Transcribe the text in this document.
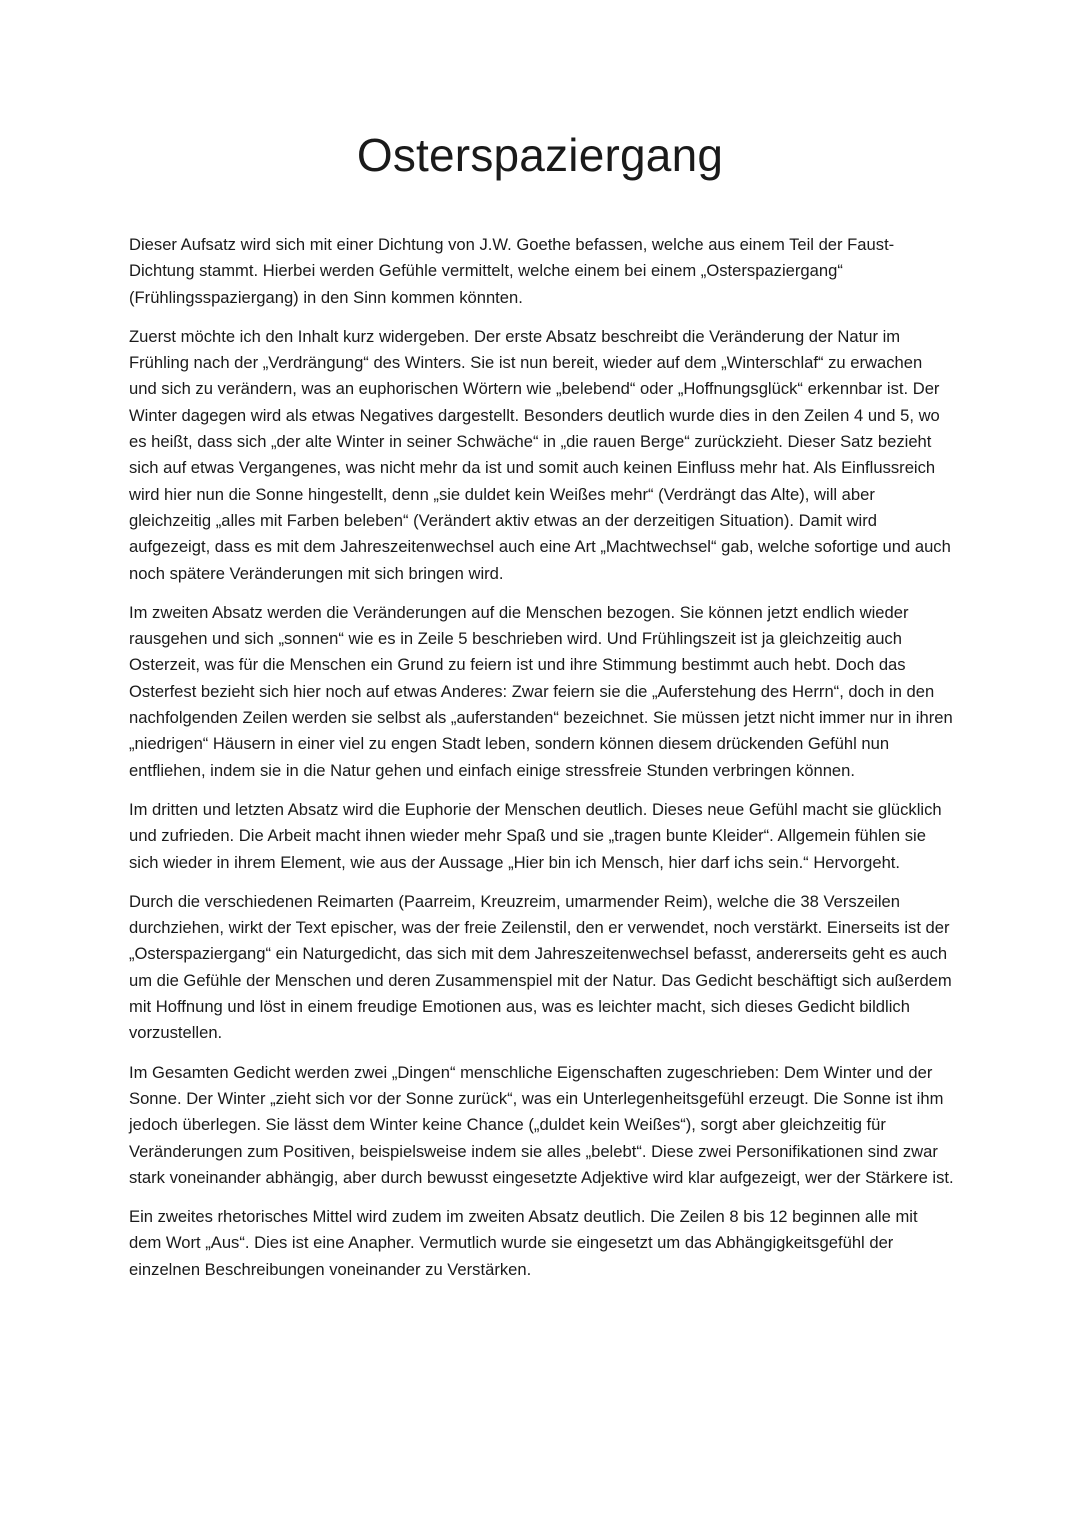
Osterspaziergang

Dieser Aufsatz wird sich mit einer Dichtung von J.W. Goethe befassen, welche aus einem Teil der Faust-Dichtung stammt. Hierbei werden Gefühle vermittelt, welche einem bei einem „Osterspaziergang“ (Frühlingsspaziergang) in den Sinn kommen könnten.

Zuerst möchte ich den Inhalt kurz widergeben. Der erste Absatz beschreibt die Veränderung der Natur im Frühling nach der „Verdrängung“ des Winters. Sie ist nun bereit, wieder auf dem „Winterschlaf“ zu erwachen und sich zu verändern, was an euphorischen Wörtern wie „belebend“ oder „Hoffnungsglück“ erkennbar ist. Der Winter dagegen wird als etwas Negatives dargestellt. Besonders deutlich wurde dies in den Zeilen 4 und 5, wo es heißt, dass sich „der alte Winter in seiner Schwäche“ in „die rauen Berge“ zurückzieht. Dieser Satz bezieht sich auf etwas Vergangenes, was nicht mehr da ist und somit auch keinen Einfluss mehr hat. Als Einflussreich wird hier nun die Sonne hingestellt, denn „sie duldet kein Weißes mehr“ (Verdrängt das Alte), will aber gleichzeitig „alles mit Farben beleben“ (Verändert aktiv etwas an der derzeitigen Situation). Damit wird aufgezeigt, dass es mit dem Jahreszeitenwechsel auch eine Art „Machtwechsel“ gab, welche sofortige und auch noch spätere Veränderungen mit sich bringen wird.

Im zweiten Absatz werden die Veränderungen auf die Menschen bezogen. Sie können jetzt endlich wieder rausgehen und sich „sonnen“ wie es in Zeile 5 beschrieben wird. Und Frühlingszeit ist ja gleichzeitig auch Osterzeit, was für die Menschen ein Grund zu feiern ist und ihre Stimmung bestimmt auch hebt. Doch das Osterfest bezieht sich hier noch auf etwas Anderes: Zwar feiern sie die „Auferstehung des Herrn“, doch in den nachfolgenden Zeilen werden sie selbst als „auferstanden“ bezeichnet. Sie müssen jetzt nicht immer nur in ihren „niedrigen“ Häusern in einer viel zu engen Stadt leben, sondern können diesem drückenden Gefühl nun entfliehen, indem sie in die Natur gehen und einfach einige stressfreie Stunden verbringen können.

Im dritten und letzten Absatz wird die Euphorie der Menschen deutlich. Dieses neue Gefühl macht sie glücklich und zufrieden. Die Arbeit macht ihnen wieder mehr Spaß und sie „tragen bunte Kleider“. Allgemein fühlen sie sich wieder in ihrem Element, wie aus der Aussage „Hier bin ich Mensch, hier darf ichs sein.“ Hervorgeht.

Durch die verschiedenen Reimarten (Paarreim, Kreuzreim, umarmender Reim), welche die 38 Verszeilen durchziehen, wirkt der Text epischer, was der freie Zeilenstil, den er verwendet, noch verstärkt. Einerseits ist der „Osterspaziergang“ ein Naturgedicht, das sich mit dem Jahreszeitenwechsel befasst, andererseits geht es auch um die Gefühle der Menschen und deren Zusammenspiel mit der Natur. Das Gedicht beschäftigt sich außerdem mit Hoffnung und löst in einem freudige Emotionen aus, was es leichter macht, sich dieses Gedicht bildlich vorzustellen.

Im Gesamten Gedicht werden zwei „Dingen“ menschliche Eigenschaften zugeschrieben: Dem Winter und der Sonne. Der Winter „zieht sich vor der Sonne zurück“, was ein Unterlegenheitsgefühl erzeugt. Die Sonne ist ihm jedoch überlegen. Sie lässt dem Winter keine Chance („duldet kein Weißes“), sorgt aber gleichzeitig für Veränderungen zum Positiven, beispielsweise indem sie alles „belebt“. Diese zwei Personifikationen sind zwar stark voneinander abhängig, aber durch bewusst eingesetzte Adjektive wird klar aufgezeigt, wer der Stärkere ist.

Ein zweites rhetorisches Mittel wird zudem im zweiten Absatz deutlich. Die Zeilen 8 bis 12 beginnen alle mit dem Wort „Aus“. Dies ist eine Anapher. Vermutlich wurde sie eingesetzt um das Abhängigkeitsgefühl der einzelnen Beschreibungen voneinander zu Verstärken.
